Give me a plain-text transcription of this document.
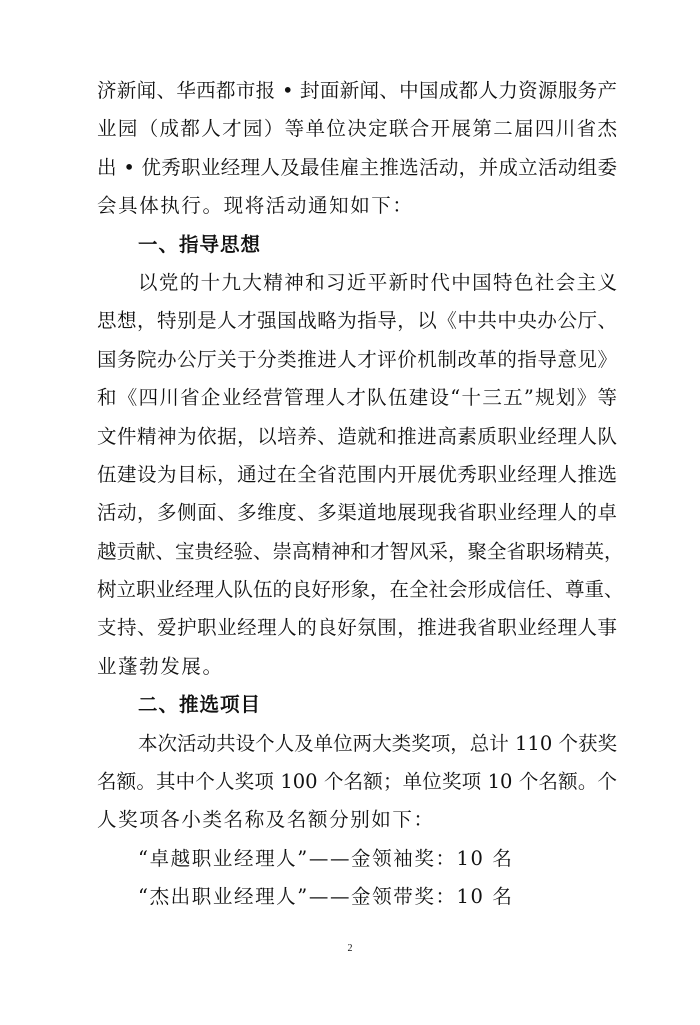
济新闻、华西都市报 • 封面新闻、中国成都人力资源服务产
业园（成都人才园）等单位决定联合开展第二届四川省杰
出 • 优秀职业经理人及最佳雇主推选活动，并成立活动组委
会具体执行。现将活动通知如下：
一、指导思想
以党的十九大精神和习近平新时代中国特色社会主义
思想，特别是人才强国战略为指导，以《中共中央办公厅、
国务院办公厅关于分类推进人才评价机制改革的指导意见》
和《四川省企业经营管理人才队伍建设“十三五”规划》等
文件精神为依据，以培养、造就和推进高素质职业经理人队
伍建设为目标，通过在全省范围内开展优秀职业经理人推选
活动，多侧面、多维度、多渠道地展现我省职业经理人的卓
越贡献、宝贵经验、崇高精神和才智风采，聚全省职场精英，
树立职业经理人队伍的良好形象，在全社会形成信任、尊重、
支持、爱护职业经理人的良好氛围，推进我省职业经理人事
业蓬勃发展。
二、推选项目
本次活动共设个人及单位两大类奖项，总计 110 个获奖
名额。其中个人奖项 100 个名额；单位奖项 10 个名额。个
人奖项各小类名称及名额分别如下：
“卓越职业经理人”——金领袖奖：10 名
“杰出职业经理人”——金领带奖：10 名
2
